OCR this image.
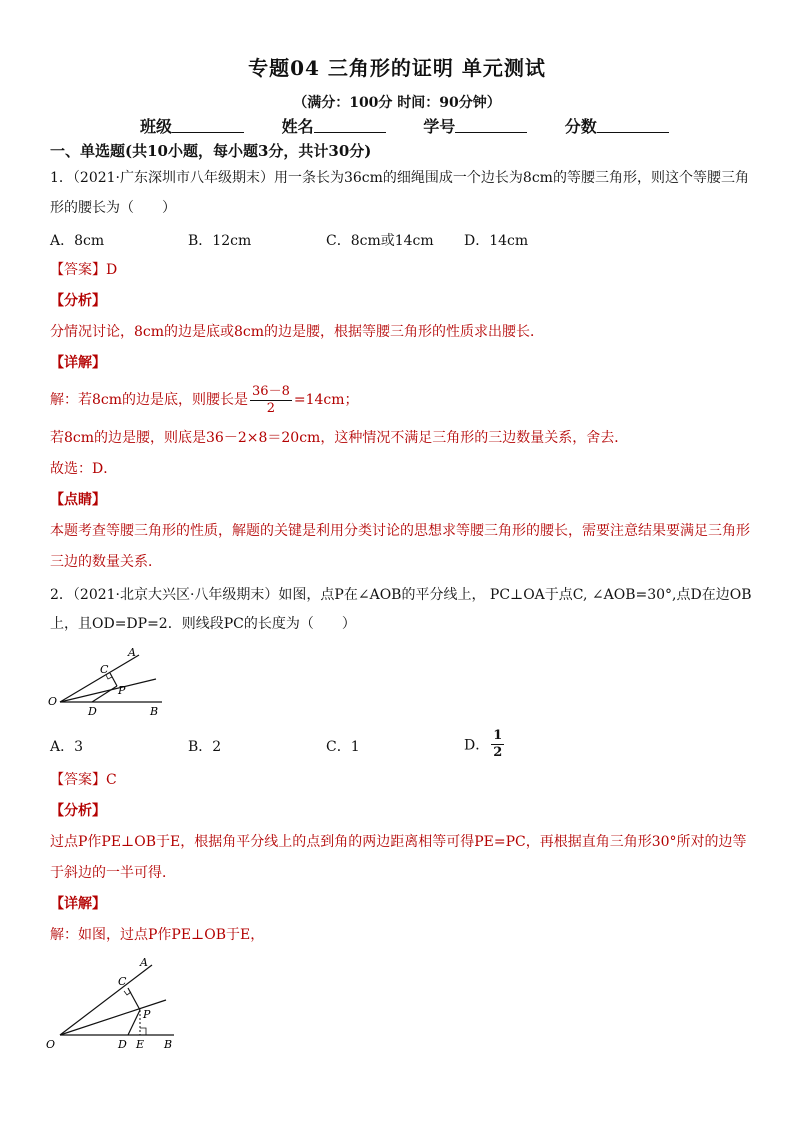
专题04 三角形的证明 单元测试
（满分：100分 时间：90分钟）
班级	姓名	学号	分数
一、单选题(共10小题，每小题3分，共计30分)
1．（2021·广东深圳市八年级期末）用一条长为36cm的细绳围成一个边长为8cm的等腰三角形，则这个等腰三角
形的腰长为（　　）
A．8cm	B．12cm	C．8cm或14cm D．14cm
【答案】D
【分析】
分情况讨论，8cm的边是底或8cm的边是腰，根据等腰三角形的性质求出腰长．
【详解】
解：若8cm的边是底，则腰长是 $\frac{36-8}{2} =14cm$；
若8cm的边是腰，则底是36－2×8＝20cm，这种情况不满足三角形的三边数量关系，舍去．
故选：D．
【点睛】
本题考查等腰三角形的性质，解题的关键是利用分类讨论的思想求等腰三角形的腰长，需要注意结果要满足三角形
三边的数量关系．
2．（2021·北京大兴区·八年级期末）如图，点P在∠AOB的平分线上， PC⊥OA于点C, ∠AOB=30°,点D在边OB
上，且OD=DP=2．则线段PC的长度为（　　）
A
C
P
O
D	B
A．3	B．2	C．1	D． $\frac{1}{2}$
【答案】C
【分析】
过点P作PE⊥OB于E，根据角平分线上的点到角的两边距离相等可得PE=PC，再根据直角三角形30°所对的边等
于斜边的一半可得．
【详解】
解：如图，过点P作PE⊥OB于E，
A
C
P
O	D E B
